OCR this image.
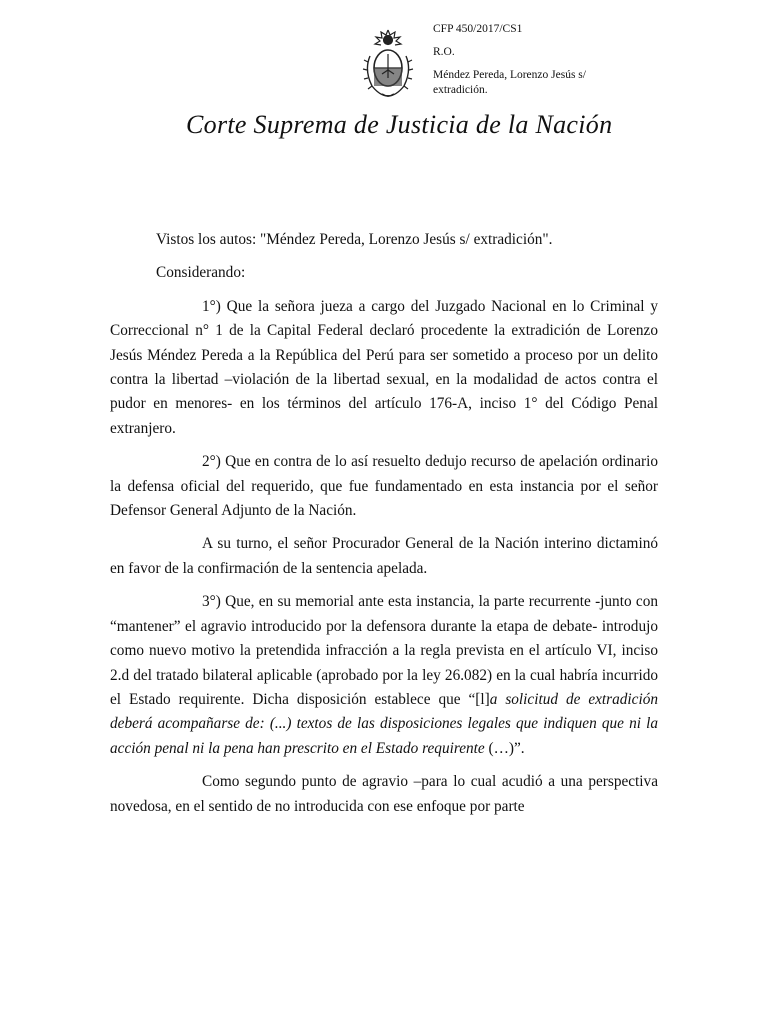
CFP 450/2017/CS1
R.O.
Méndez Pereda, Lorenzo Jesús s/
extradición.
Corte Suprema de Justicia de la Nación

Vistos los autos: "Méndez Pereda, Lorenzo Jesús s/ extradición".

Considerando:

1°) Que la señora jueza a cargo del Juzgado Nacional en lo Criminal y Correccional n° 1 de la Capital Federal declaró procedente la extradición de Lorenzo Jesús Méndez Pereda a la República del Perú para ser sometido a proceso por un delito contra la libertad –violación de la libertad sexual, en la modalidad de actos contra el pudor en menores- en los términos del artículo 176-A, inciso 1° del Código Penal extranjero.

2°) Que en contra de lo así resuelto dedujo recurso de apelación ordinario la defensa oficial del requerido, que fue fundamentado en esta instancia por el señor Defensor General Adjunto de la Nación.

A su turno, el señor Procurador General de la Nación interino dictaminó en favor de la confirmación de la sentencia apelada.

3°) Que, en su memorial ante esta instancia, la parte recurrente -junto con “mantener” el agravio introducido por la defensora durante la etapa de debate- introdujo como nuevo motivo la pretendida infracción a la regla prevista en el artículo VI, inciso 2.d del tratado bilateral aplicable (aprobado por la ley 26.082) en la cual habría incurrido el Estado requirente. Dicha disposición establece que “[l]a solicitud de extradición deberá acompañarse de: (...) textos de las disposiciones legales que indiquen que ni la acción penal ni la pena han prescrito en el Estado requirente (…)”.

Como segundo punto de agravio –para lo cual acudió a una perspectiva novedosa, en el sentido de no introducida con ese enfoque por parte
